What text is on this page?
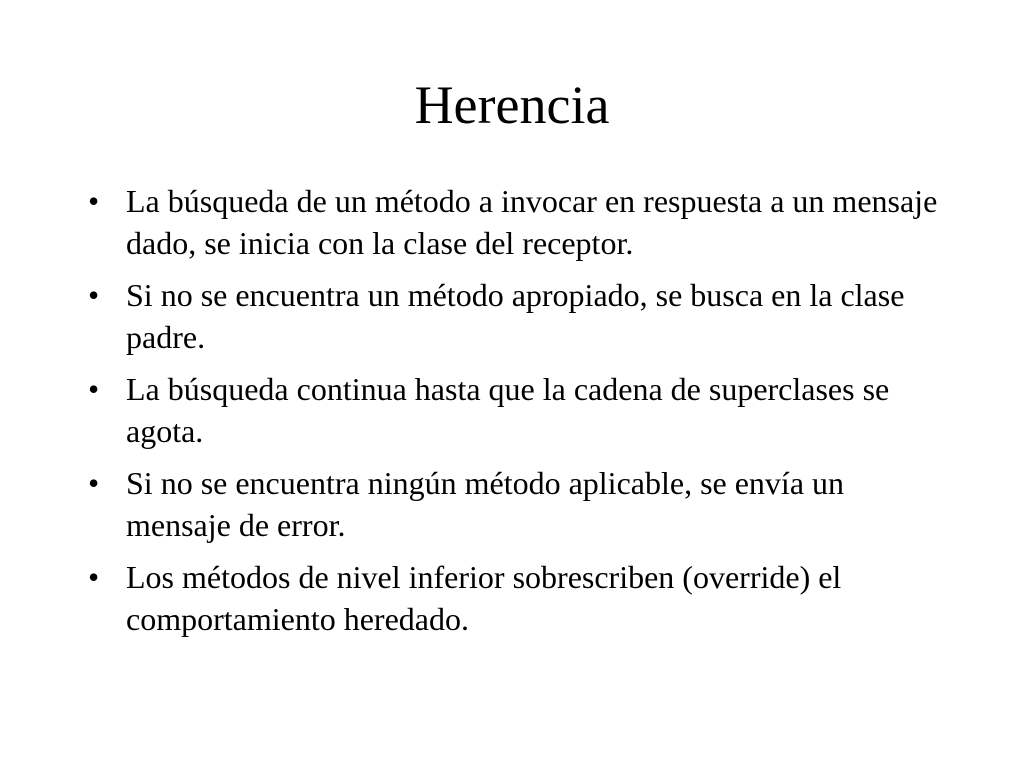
Herencia
• La búsqueda de un método a invocar en respuesta a un mensaje dado, se inicia con la clase del receptor.
• Si no se encuentra un método apropiado, se busca en la clase padre.
• La búsqueda continua hasta que la cadena de superclases se agota.
• Si no se encuentra ningún método aplicable, se envía un mensaje de error.
• Los métodos de nivel inferior sobrescriben (override) el comportamiento heredado.
